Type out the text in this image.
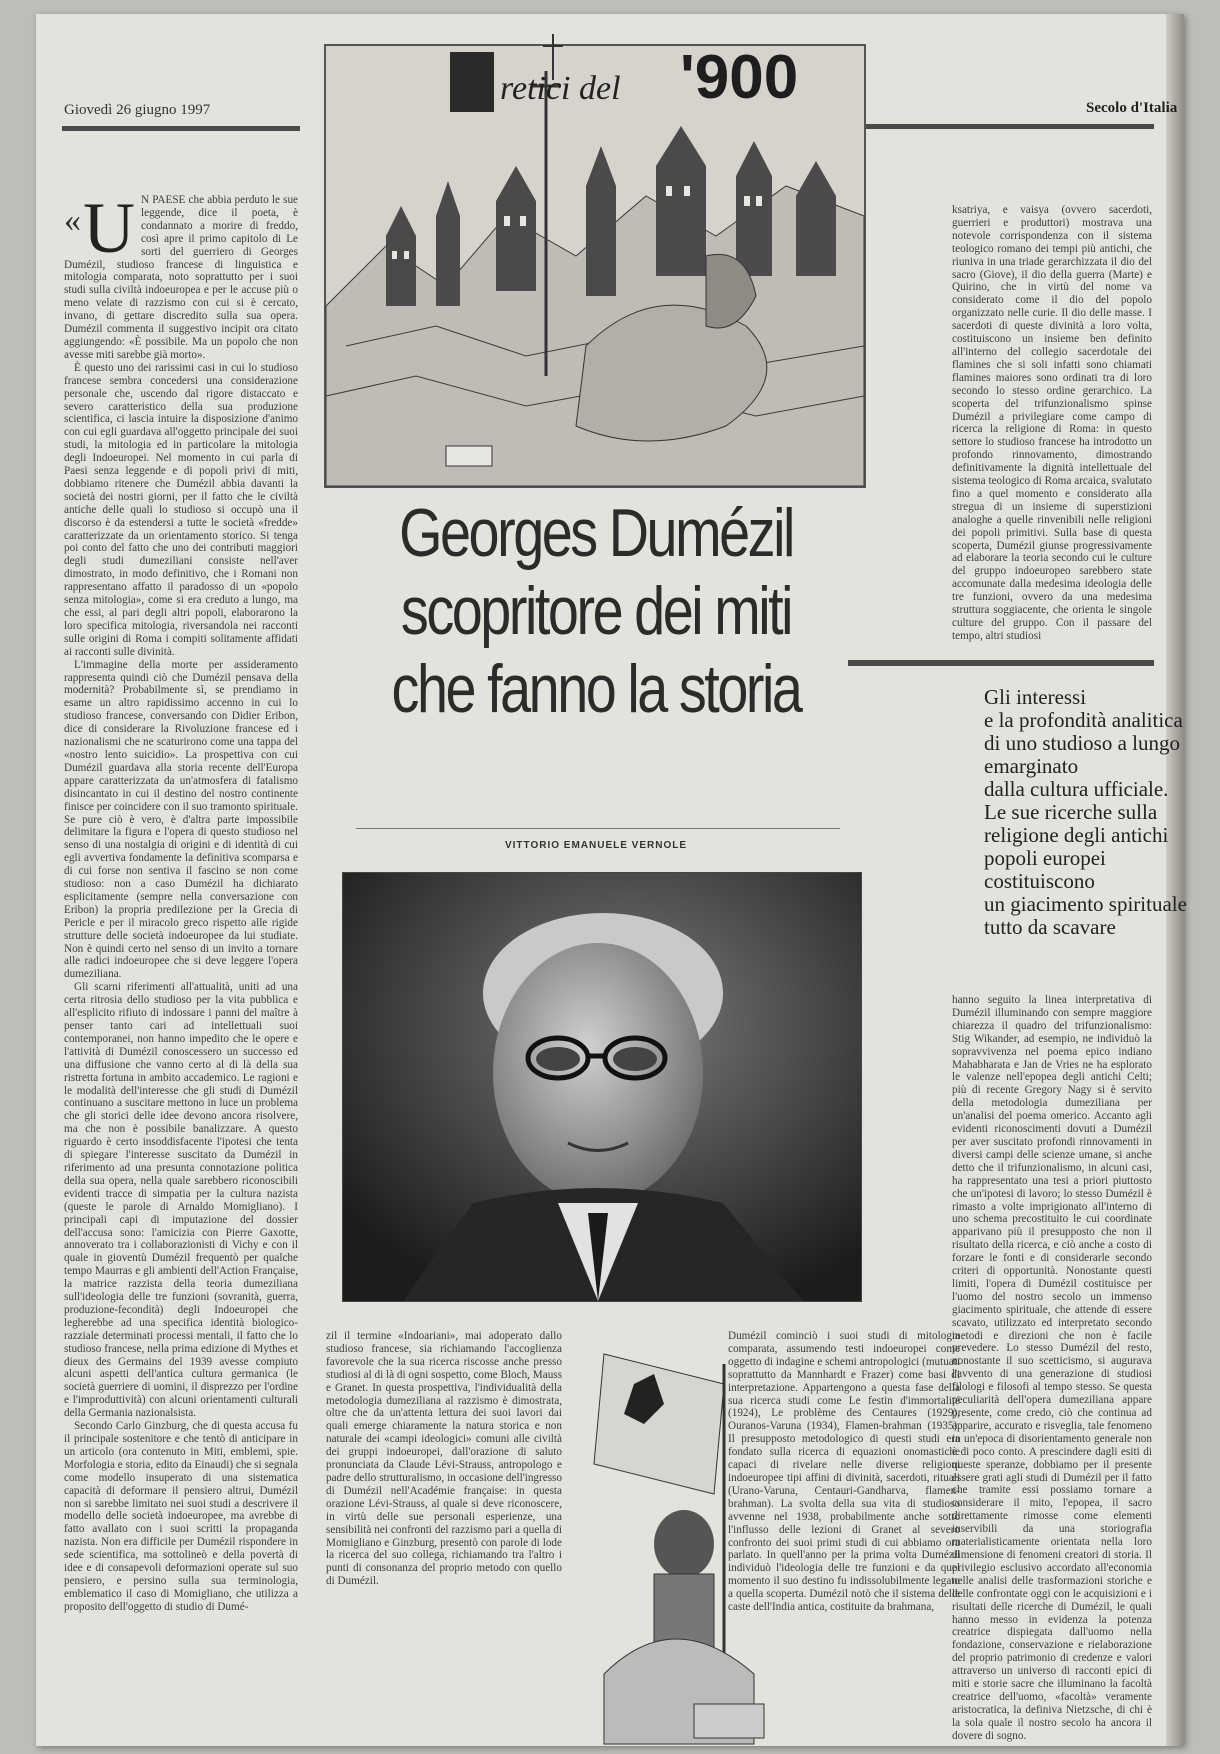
Giovedì 26 giugno 1997	Secolo d'Italia
retici del '900
« U N PAESE che abbia perduto le sue leggende, dice il poeta, è condannato a morire di freddo, così apre il primo capitolo di Le sorti del guerriero di Georges Dumézil, studioso francese di linguistica e mitologia comparata, noto soprattutto per i suoi studi sulla civiltà indoeuropea e per le accuse più o meno velate di razzismo con cui si è cercato, invano, di gettare discredito sulla sua opera. Dumézil commenta il suggestivo incipit ora citato aggiungendo: «È possibile. Ma un popolo che non avesse miti sarebbe già morto».

È questo uno dei rarissimi casi in cui lo studioso francese sembra concedersi una considerazione personale che, uscendo dal rigore distaccato e severo caratteristico della sua produzione scientifica, ci lascia intuire la disposizione d'animo con cui egli guardava all'oggetto principale dei suoi studi, la mitologia ed in particolare la mitologia degli Indoeuropei. Nel momento in cui parla di Paesi senza leggende e di popoli privi di miti, dobbiamo ritenere che Dumézil abbia davanti la società dei nostri giorni, per il fatto che le civiltà antiche delle quali lo studioso si occupò una il discorso è da estendersi a tutte le società «fredde» caratterizzate da un orientamento storico. Si tenga poi conto del fatto che uno dei contributi maggiori degli studi dumeziliani consiste nell'aver dimostrato, in modo definitivo, che i Romani non rappresentano affatto il paradosso di un «popolo senza mitologia», come si era creduto a lungo, ma che essi, al pari degli altri popoli, elaborarono la loro specifica mitologia, riversandola nei racconti sulle origini di Roma i compiti solitamente affidati ai racconti sulle divinità.

L'immagine della morte per assideramento rappresenta quindi ciò che Dumézil pensava della modernità? Probabilmente sì, se prendiamo in esame un altro rapidissimo accenno in cui lo studioso francese, conversando con Didier Eribon, dice di considerare la Rivoluzione francese ed i nazionalismi che ne scaturirono come una tappa del «nostro lento suicidio». La prospettiva con cui Dumézil guardava alla storia recente dell'Europa appare caratterizzata da un'atmosfera di fatalismo disincantato in cui il destino del nostro continente finisce per coincidere con il suo tramonto spirituale. Se pure ciò è vero, è d'altra parte impossibile delimitare la figura e l'opera di questo studioso nel senso di una nostalgia di origini e di identità di cui egli avvertiva fondamente la definitiva scomparsa e di cui forse non sentiva il fascino se non come studioso: non a caso Dumézil ha dichiarato esplicitamente (sempre nella conversazione con Eribon) la propria predilezione per la Grecia di Pericle e per il miracolo greco rispetto alle rigide strutture delle società indoeuropee da lui studiate. Non è quindi certo nel senso di un invito a tornare alle radici indoeuropee che si deve leggere l'opera dumeziliana.

Gli scarni riferimenti all'attualità, uniti ad una certa ritrosia dello studioso per la vita pubblica e all'esplicito rifiuto di indossare i panni del maître à penser tanto cari ad intellettuali suoi contemporanei, non hanno impedito che le opere e l'attività di Dumézil conoscessero un successo ed una diffusione che vanno certo al di là della sua ristretta fortuna in ambito accademico. Le ragioni e le modalità dell'interesse che gli studi di Dumézil continuano a suscitare mettono in luce un problema che gli storici delle idee devono ancora risolvere, ma che non è possibile banalizzare. A questo riguardo è certo insoddisfacente l'ipotesi che tenta di spiegare l'interesse suscitato da Dumézil in riferimento ad una presunta connotazione politica della sua opera, nella quale sarebbero riconoscibili evidenti tracce di simpatia per la cultura nazista (queste le parole di Arnaldo Momigliano). I principali capi di imputazione del dossier dell'accusa sono: l'amicizia con Pierre Gaxotte, annoverato tra i collaborazionisti di Vichy e con il quale in gioventù Dumézil frequentò per qualche tempo Maurras e gli ambienti dell'Action Française, la matrice razzista della teoria dumeziliana sull'ideologia delle tre funzioni (sovranità, guerra, produzione-fecondità) degli Indoeuropei che legherebbe ad una specifica identità biologico-razziale determinati processi mentali, il fatto che lo studioso francese, nella prima edizione di Mythes et dieux des Germains del 1939 avesse compiuto alcuni aspetti dell'antica cultura germanica (le società guerriere di uomini, il disprezzo per l'ordine e l'improduttività) con alcuni orientamenti culturali della Germania nazionalsista.

Secondo Carlo Ginzburg, che di questa accusa fu il principale sostenitore e che tentò di anticipare in un articolo (ora contenuto in Miti, emblemi, spie. Morfologia e storia, edito da Einaudi) che si segnala come modello insuperato di una sistematica capacità di deformare il pensiero altrui, Dumézil non si sarebbe limitato nei suoi studi a descrivere il modello delle società indoeuropee, ma avrebbe di fatto avallato con i suoi scritti la propaganda nazista. Non era difficile per Dumézil rispondere in sede scientifica, ma sottolineò e della povertà di idee e di consapevoli deformazioni operate sul suo pensiero, e persino sulla sua terminologia, emblematico il caso di Momigliano, che utilizza a proposito dell'oggetto di studio di Dumé-

Georges Dumézil
scopritore dei miti
che fanno la storia
VITTORIO EMANUELE VERNOLE

zil il termine «Indoariani», mai adoperato dallo studioso francese, sia richiamando l'accoglienza favorevole che la sua ricerca riscosse anche presso studiosi al di là di ogni sospetto, come Bloch, Mauss e Granet. In questa prospettiva, l'individualità della metodologia dumeziliana al razzismo è dimostrata, oltre che da un'attenta lettura dei suoi lavori dai quali emerge chiaramente la natura storica e non naturale dei «campi ideologici» comuni alle civiltà dei gruppi indoeuropei, dall'orazione di saluto pronunciata da Claude Lévi-Strauss, antropologo e padre dello strutturalismo, in occasione dell'ingresso di Dumézil nell'Académie française: in questa orazione Lévi-Strauss, al quale si deve riconoscere, in virtù delle sue personali esperienze, una sensibilità nei confronti del razzismo pari a quella di Momigliano e Ginzburg, presentò con parole di lode la ricerca del suo collega, richiamando tra l'altro i punti di consonanza del proprio metodo con quello di Dumézil.

Dumézil cominciò i suoi studi di mitologia comparata, assumendo testi indoeuropei come oggetto di indagine e schemi antropologici (mutuati soprattutto da Mannhardt e Frazer) come basi di interpretazione. Appartengono a questa fase della sua ricerca studi come Le festin d'immortalité (1924), Le problème des Centaures (1929), Ouranos-Varuna (1934), Flamen-brahman (1935). Il presupposto metodologico di questi studi era fondato sulla ricerca di equazioni onomastiche capaci di rivelare nelle diverse religioni indoeuropee tipi affini di divinità, sacerdoti, rituali (Urano-Varuna, Centauri-Gandharva, flamen-brahman). La svolta della sua vita di studioso avvenne nel 1938, probabilmente anche sotto l'influsso delle lezioni di Granet al severo confronto dei suoi primi studi di cui abbiamo ora parlato. In quell'anno per la prima volta Dumézil individuò l'ideologia delle tre funzioni e da quel momento il suo destino fu indissolubilmente legato a quella scoperta. Dumézil notò che il sistema delle caste dell'India antica, costituite da brahmana,

ksatriya, e vaisya (ovvero sacerdoti, guerrieri e produttori) mostrava una notevole corrispondenza con il sistema teologico romano dei tempi più antichi, che riuniva in una triade gerarchizzata il dio del sacro (Giove), il dio della guerra (Marte) e Quirino, che in virtù del nome va considerato come il dio del popolo organizzato nelle curie. Il dio delle masse. I sacerdoti di queste divinità a loro volta, costituiscono un insieme ben definito all'interno del collegio sacerdotale dei flamines che si soli infatti sono chiamati flamines maiores sono ordinati tra di loro secondo lo stesso ordine gerarchico. La scoperta del trifunzionalismo spinse Dumézil a privilegiare come campo di ricerca la religione di Roma: in questo settore lo studioso francese ha introdotto un profondo rinnovamento, dimostrando definitivamente la dignità intellettuale del sistema teologico di Roma arcaica, svalutato fino a quel momento e considerato alla stregua di un insieme di superstizioni analoghe a quelle rinvenibili nelle religioni dei popoli primitivi. Sulla base di questa scoperta, Dumézil giunse progressivamente ad elaborare la teoria secondo cui le culture del gruppo indoeuropeo sarebbero state accomunate dalla medesima ideologia delle tre funzioni, ovvero da una medesima struttura soggiacente, che orienta le singole culture del gruppo. Con il passare del tempo, altri studiosi

Gli interessi
e la profondità analitica
di uno studioso a lungo
emarginato
dalla cultura ufficiale.
Le sue ricerche sulla
religione degli antichi
popoli europei
costituiscono
un giacimento spirituale
tutto da scavare

hanno seguito la linea interpretativa di Dumézil illuminando con sempre maggiore chiarezza il quadro del trifunzionalismo: Stig Wikander, ad esempio, ne individuò la sopravvivenza nel poema epico indiano Mahabharata e Jan de Vries ne ha esplorato le valenze nell'epopea degli antichi Celti; più di recente Gregory Nagy si è servito della metodologia dumeziliana per un'analisi del poema omerico. Accanto agli evidenti riconoscimenti dovuti a Dumézil per aver suscitato profondi rinnovamenti in diversi campi delle scienze umane, si anche detto che il trifunzionalismo, in alcuni casi, ha rappresentato una tesi a priori piuttosto che un'ipotesi di lavoro; lo stesso Dumézil è rimasto a volte imprigionato all'interno di uno schema precostituito le cui coordinate apparivano più il presupposto che non il risultato della ricerca, e ciò anche a costo di forzare le fonti e di considerarle secondo criteri di opportunità. Nonostante questi limiti, l'opera di Dumézil costituisce per l'uomo del nostro secolo un immenso giacimento spirituale, che attende di essere scavato, utilizzato ed interpretato secondo metodi e direzioni che non è facile prevedere. Lo stesso Dumézil del resto, nonostante il suo scetticismo, si augurava l'avvento di una generazione di studiosi filologi e filosofi al tempo stesso. Se questa peculiarità dell'opera dumeziliana appare presente, come credo, ciò che continua ad apparire, accurato e risveglia, tale fenomeno in un'epoca di disorientamento generale non è di poco conto. A prescindere dagli esiti di queste speranze, dobbiamo per il presente essere grati agli studi di Dumézil per il fatto che tramite essi possiamo tornare a considerare il mito, l'epopea, il sacro direttamente rimosse come elementi inservibili da una storiografia materialisticamente orientata nella loro dimensione di fenomeni creatori di storia. Il privilegio esclusivo accordato all'economia nelle analisi delle trasformazioni storiche e delle confrontate oggi con le acquisizioni e i risultati delle ricerche di Dumézil, le quali hanno messo in evidenza la potenza creatrice dispiegata dall'uomo nella fondazione, conservazione e rielaborazione del proprio patrimonio di credenze e valori attraverso un universo di racconti epici di miti e storie sacre che illuminano la facoltà creatrice dell'uomo, «facoltà» veramente aristocratica, la definiva Nietzsche, di chi è la sola quale il nostro secolo ha ancora il dovere di sogno.
